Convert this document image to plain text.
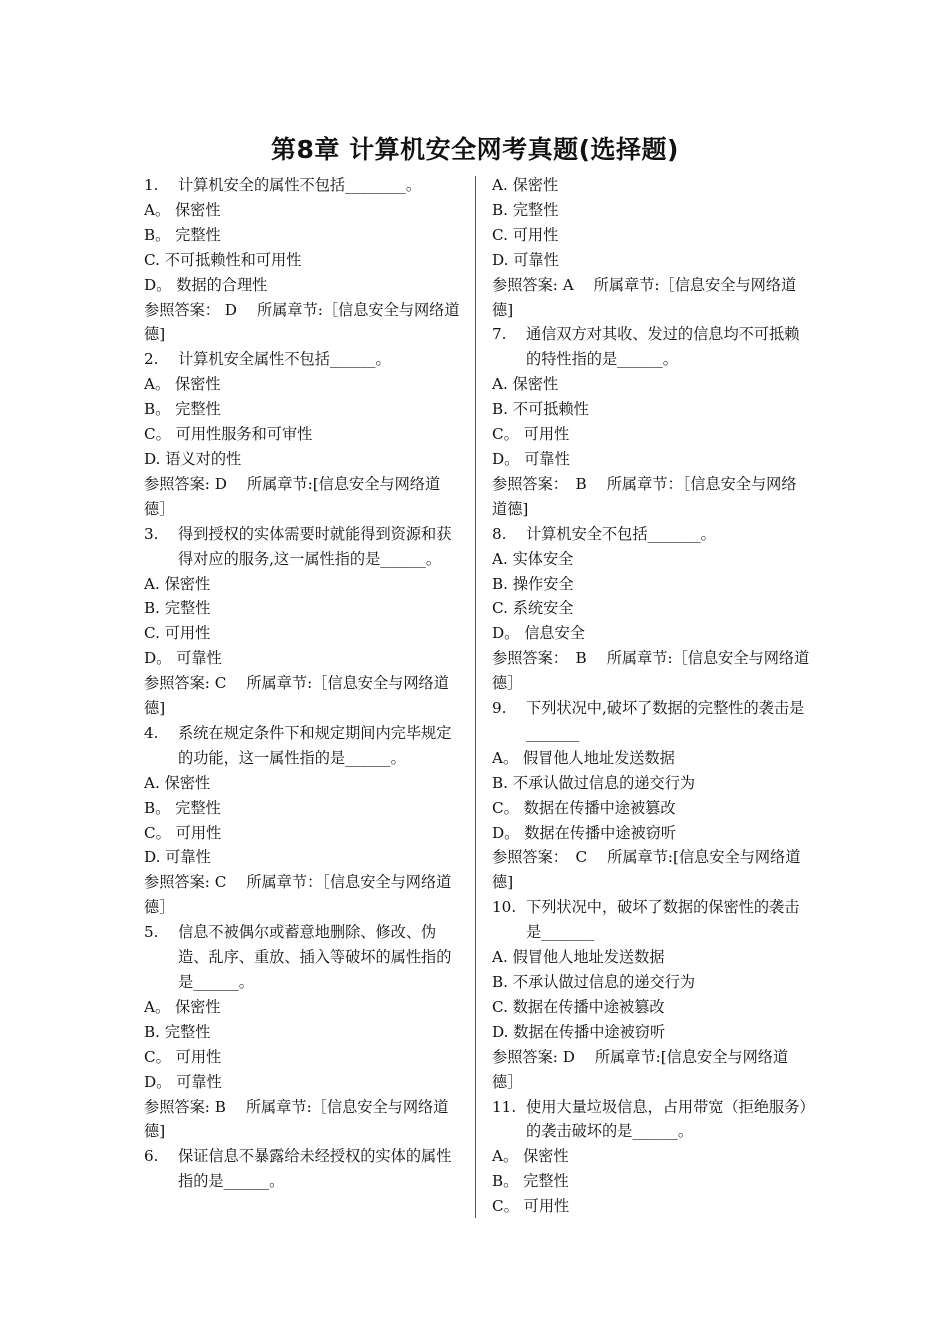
第8章 计算机安全网考真题(选择题)
1.	计算机安全的属性不包括________。
A。 保密性
B。 完整性
C. 不可抵赖性和可用性
D。 数据的合理性
参照答案： D　 所属章节:［信息安全与网络道德]
2.	计算机安全属性不包括______。
A。 保密性
B。 完整性
C。 可用性服务和可审性
D. 语义对的性
参照答案: D　 所属章节:[信息安全与网络道德］
3.	得到授权的实体需要时就能得到资源和获得对应的服务,这一属性指的是______。
A. 保密性
B. 完整性
C. 可用性
D。 可靠性
参照答案: C　 所属章节:［信息安全与网络道德]
4.	系统在规定条件下和规定期间内完毕规定的功能，这一属性指的是______。
A. 保密性
B。 完整性
C。 可用性
D. 可靠性
参照答案: C　 所属章节：［信息安全与网络道德］
5.	信息不被偶尔或蓄意地删除、修改、伪造、乱序、重放、插入等破坏的属性指的是______。
A。 保密性
B. 完整性
C。 可用性
D。 可靠性
参照答案: B　 所属章节:［信息安全与网络道德]
6.	保证信息不暴露给未经授权的实体的属性指的是______。
A. 保密性
B. 完整性
C. 可用性
D. 可靠性
参照答案: A　 所属章节:［信息安全与网络道德]
7.	通信双方对其收、发过的信息均不可抵赖的特性指的是______。
A. 保密性
B. 不可抵赖性
C。 可用性
D。 可靠性
参照答案：　B　 所属章节：［信息安全与网络道德]
8.	计算机安全不包括_______。
A. 实体安全
B. 操作安全
C. 系统安全
D。 信息安全
参照答案：　B　 所属章节:［信息安全与网络道德］
9.	下列状况中,破坏了数据的完整性的袭击是_______
A。 假冒他人地址发送数据
B. 不承认做过信息的递交行为
C。 数据在传播中途被篡改
D。 数据在传播中途被窃听
参照答案：　C　 所属章节:[信息安全与网络道德]
10. 下列状况中，破坏了数据的保密性的袭击是_______
A. 假冒他人地址发送数据
B. 不承认做过信息的递交行为
C. 数据在传播中途被篡改
D. 数据在传播中途被窃听
参照答案: D　 所属章节:[信息安全与网络道德］
11. 使用大量垃圾信息，占用带宽（拒绝服务）的袭击破坏的是______。
A。 保密性
B。 完整性
C。 可用性
